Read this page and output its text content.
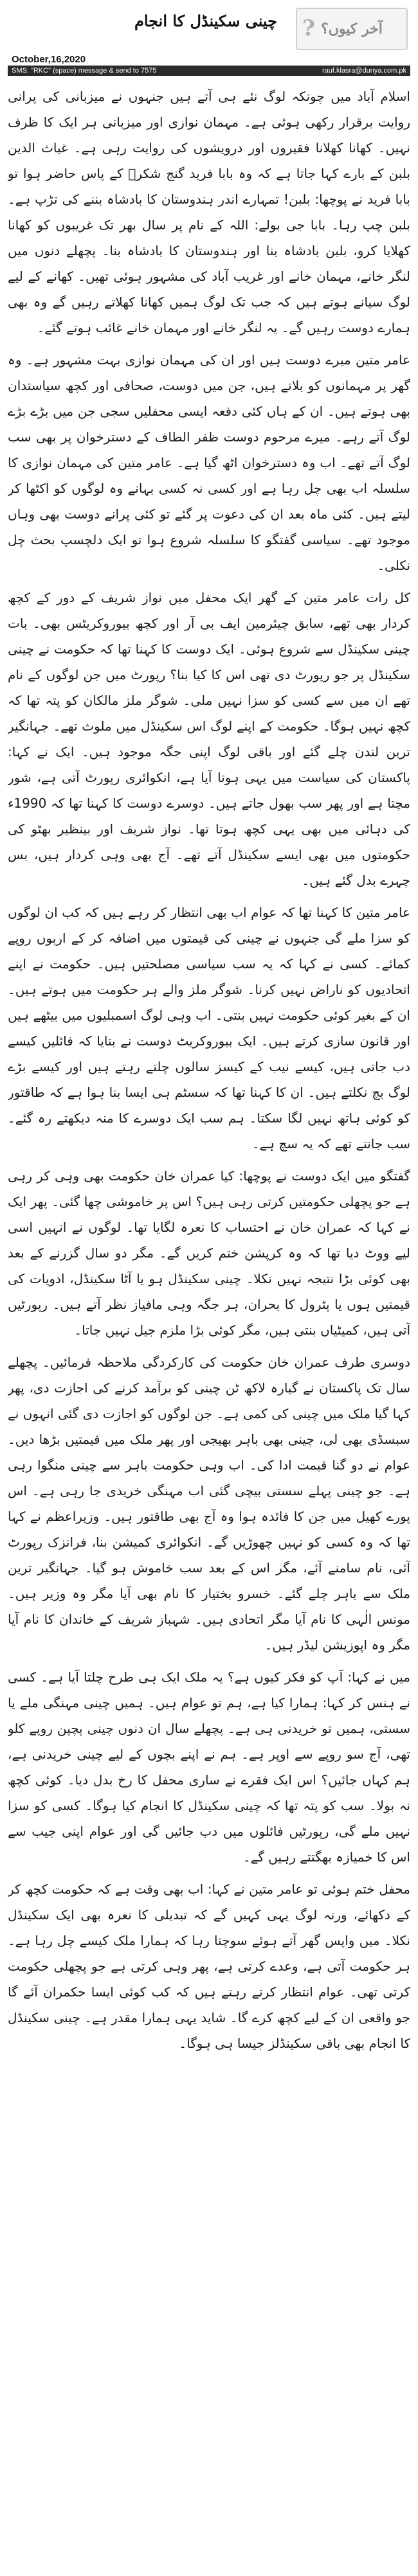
? آخر کیوں؟
چینی سکینڈل کا انجام
October,16,2020
SMS: "RKC" (space) message & send to 7575	rauf.klasra@dunya.com.pk

اسلام آباد میں چونکہ لوگ نئے ہی آتے ہیں جنہوں نے میزبانی کی پرانی روایت برقرار رکھی ہوئی ہے۔ مہمان نوازی اور میزبانی ہر ایک کا ظرف نہیں۔ کھانا کھلانا فقیروں اور درویشوں کی روایت رہی ہے۔ غیاث الدین بلبن کے بارے کہا جاتا ہے کہ وہ بابا فرید گنج شکرؒ کے پاس حاضر ہوا تو بابا فرید نے پوچھا: بلبن! تمہارے اندر ہندوستان کا بادشاہ بننے کی تڑپ ہے۔ بلبن چپ رہا۔ بابا جی بولے: اللہ کے نام پر سال بھر تک غریبوں کو کھانا کھلایا کرو، بلبن بادشاہ بنا اور ہندوستان کا بادشاہ بنا۔ پچھلے دنوں میں لنگر خانے، مہمان خانے اور غریب آباد کی مشہور ہوئی تھیں۔ کھانے کے لیے لوگ سیانے ہوتے ہیں کہ جب تک لوگ ہمیں کھانا کھلاتے رہیں گے وہ بھی ہمارے دوست رہیں گے۔ یہ لنگر خانے اور مہمان خانے غائب ہوتے گئے۔

عامر متین میرے دوست ہیں اور ان کی مہمان نوازی بہت مشہور ہے۔ وہ گھر پر مہمانوں کو بلاتے ہیں، جن میں دوست، صحافی اور کچھ سیاستدان بھی ہوتے ہیں۔ ان کے ہاں کئی دفعہ ایسی محفلیں سجی جن میں بڑے بڑے لوگ آتے رہے۔ میرے مرحوم دوست ظفر الطاف کے دسترخوان پر بھی سب لوگ آتے تھے۔ اب وہ دسترخوان اٹھ گیا ہے۔ عامر متین کی مہمان نوازی کا سلسلہ اب بھی چل رہا ہے اور کسی نہ کسی بہانے وہ لوگوں کو اکٹھا کر لیتے ہیں۔ کئی ماہ بعد ان کی دعوت پر گئے تو کئی پرانے دوست بھی وہاں موجود تھے۔ سیاسی گفتگو کا سلسلہ شروع ہوا تو ایک دلچسپ بحث چل نکلی۔

کل رات عامر متین کے گھر ایک محفل میں نواز شریف کے دور کے کچھ کردار بھی تھے، سابق چیئرمین ایف بی آر اور کچھ بیوروکریٹس بھی۔ بات چینی سکینڈل سے شروع ہوئی۔ ایک دوست کا کہنا تھا کہ حکومت نے چینی سکینڈل پر جو رپورٹ دی تھی اس کا کیا بنا؟ رپورٹ میں جن لوگوں کے نام تھے ان میں سے کسی کو سزا نہیں ملی۔ شوگر ملز مالکان کو پتہ تھا کہ کچھ نہیں ہوگا۔ حکومت کے اپنے لوگ اس سکینڈل میں ملوث تھے۔ جہانگیر ترین لندن چلے گئے اور باقی لوگ اپنی جگہ موجود ہیں۔ ایک نے کہا: پاکستان کی سیاست میں یہی ہوتا آیا ہے، انکوائری رپورٹ آتی ہے، شور مچتا ہے اور پھر سب بھول جاتے ہیں۔ دوسرے دوست کا کہنا تھا کہ 1990ء کی دہائی میں بھی یہی کچھ ہوتا تھا۔ نواز شریف اور بینظیر بھٹو کی حکومتوں میں بھی ایسے سکینڈل آتے تھے۔ آج بھی وہی کردار ہیں، بس چہرے بدل گئے ہیں۔

عامر متین کا کہنا تھا کہ عوام اب بھی انتظار کر رہے ہیں کہ کب ان لوگوں کو سزا ملے گی جنہوں نے چینی کی قیمتوں میں اضافہ کر کے اربوں روپے کمائے۔ کسی نے کہا کہ یہ سب سیاسی مصلحتیں ہیں۔ حکومت نے اپنے اتحادیوں کو ناراض نہیں کرنا۔ شوگر ملز والے ہر حکومت میں ہوتے ہیں۔ ان کے بغیر کوئی حکومت نہیں بنتی۔ اب وہی لوگ اسمبلیوں میں بیٹھے ہیں اور قانون سازی کرتے ہیں۔ ایک بیوروکریٹ دوست نے بتایا کہ فائلیں کیسے دب جاتی ہیں، کیسے نیب کے کیسز سالوں چلتے رہتے ہیں اور کیسے بڑے لوگ بچ نکلتے ہیں۔ ان کا کہنا تھا کہ سسٹم ہی ایسا بنا ہوا ہے کہ طاقتور کو کوئی ہاتھ نہیں لگا سکتا۔ ہم سب ایک دوسرے کا منہ دیکھتے رہ گئے۔ سب جانتے تھے کہ یہ سچ ہے۔

گفتگو میں ایک دوست نے پوچھا: کیا عمران خان حکومت بھی وہی کر رہی ہے جو پچھلی حکومتیں کرتی رہی ہیں؟ اس پر خاموشی چھا گئی۔ پھر ایک نے کہا کہ عمران خان نے احتساب کا نعرہ لگایا تھا۔ لوگوں نے انہیں اسی لیے ووٹ دیا تھا کہ وہ کرپشن ختم کریں گے۔ مگر دو سال گزرنے کے بعد بھی کوئی بڑا نتیجہ نہیں نکلا۔ چینی سکینڈل ہو یا آٹا سکینڈل، ادویات کی قیمتیں ہوں یا پٹرول کا بحران، ہر جگہ وہی مافیاز نظر آتے ہیں۔ رپورٹیں آتی ہیں، کمیٹیاں بنتی ہیں، مگر کوئی بڑا ملزم جیل نہیں جاتا۔

دوسری طرف عمران خان حکومت کی کارکردگی ملاحظہ فرمائیں۔ پچھلے سال تک پاکستان نے گیارہ لاکھ ٹن چینی کو برآمد کرنے کی اجازت دی، پھر کہا گیا ملک میں چینی کی کمی ہے۔ جن لوگوں کو اجازت دی گئی انہوں نے سبسڈی بھی لی، چینی بھی باہر بھیجی اور پھر ملک میں قیمتیں بڑھا دیں۔ عوام نے دو گنا قیمت ادا کی۔ اب وہی حکومت باہر سے چینی منگوا رہی ہے۔ جو چینی پہلے سستی بیچی گئی اب مہنگی خریدی جا رہی ہے۔ اس پورے کھیل میں جن کا فائدہ ہوا وہ آج بھی طاقتور ہیں۔ وزیراعظم نے کہا تھا کہ وہ کسی کو نہیں چھوڑیں گے۔ انکوائری کمیشن بنا، فرانزک رپورٹ آئی، نام سامنے آئے، مگر اس کے بعد سب خاموش ہو گیا۔ جہانگیر ترین ملک سے باہر چلے گئے۔ خسرو بختیار کا نام بھی آیا مگر وہ وزیر ہیں۔ مونس الٰہی کا نام آیا مگر اتحادی ہیں۔ شہباز شریف کے خاندان کا نام آیا مگر وہ اپوزیشن لیڈر ہیں۔

میں نے کہا: آپ کو فکر کیوں ہے؟ یہ ملک ایک ہی طرح چلتا آیا ہے۔ کسی نے ہنس کر کہا: ہمارا کیا ہے، ہم تو عوام ہیں۔ ہمیں چینی مہنگی ملے یا سستی، ہمیں تو خریدنی ہی ہے۔ پچھلے سال ان دنوں چینی پچپن روپے کلو تھی، آج سو روپے سے اوپر ہے۔ ہم نے اپنے بچوں کے لیے چینی خریدنی ہے، ہم کہاں جائیں؟ اس ایک فقرے نے ساری محفل کا رخ بدل دیا۔ کوئی کچھ نہ بولا۔ سب کو پتہ تھا کہ چینی سکینڈل کا انجام کیا ہوگا۔ کسی کو سزا نہیں ملے گی، رپورٹیں فائلوں میں دب جائیں گی اور عوام اپنی جیب سے اس کا خمیازہ بھگتتے رہیں گے۔

محفل ختم ہوئی تو عامر متین نے کہا: اب بھی وقت ہے کہ حکومت کچھ کر کے دکھائے، ورنہ لوگ یہی کہیں گے کہ تبدیلی کا نعرہ بھی ایک سکینڈل نکلا۔ میں واپس گھر آتے ہوئے سوچتا رہا کہ ہمارا ملک کیسے چل رہا ہے۔ ہر حکومت آتی ہے، وعدے کرتی ہے، پھر وہی کرتی ہے جو پچھلی حکومت کرتی تھی۔ عوام انتظار کرتے رہتے ہیں کہ کب کوئی ایسا حکمران آئے گا جو واقعی ان کے لیے کچھ کرے گا۔ شاید یہی ہمارا مقدر ہے۔ چینی سکینڈل کا انجام بھی باقی سکینڈلز جیسا ہی ہوگا۔
